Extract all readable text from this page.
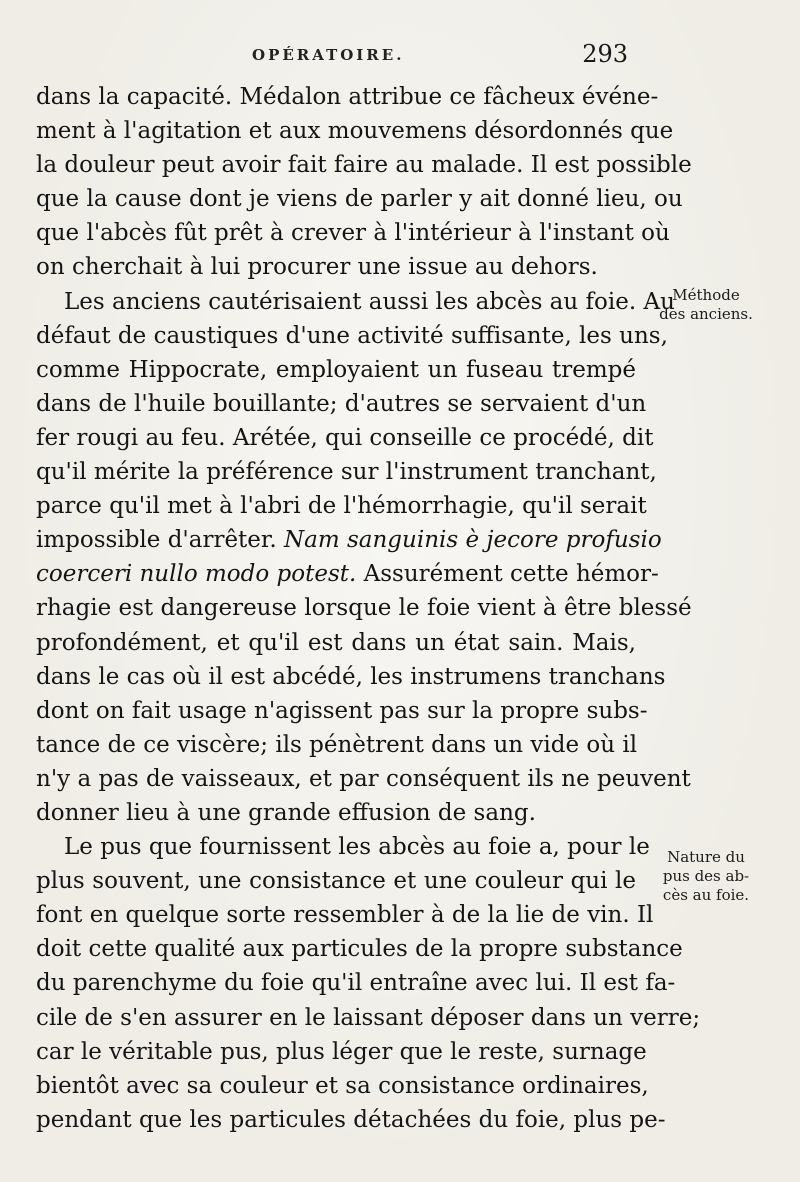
OPÉRATOIRE.	293
dans la capacité. Médalon attribue ce fâcheux événe-
ment à l'agitation et aux mouvemens désordonnés que
la douleur peut avoir fait faire au malade. Il est possible
que la cause dont je viens de parler y ait donné lieu, ou
que l'abcès fût prêt à crever à l'intérieur à l'instant où
on cherchait à lui procurer une issue au dehors.
Les anciens cautérisaient aussi les abcès au foie. Au
défaut de caustiques d'une activité suffisante, les uns,
comme Hippocrate, employaient un fuseau trempé
dans de l'huile bouillante; d'autres se servaient d'un
fer rougi au feu. Arétée, qui conseille ce procédé, dit
qu'il mérite la préférence sur l'instrument tranchant,
parce qu'il met à l'abri de l'hémorrhagie, qu'il serait
impossible d'arrêter. Nam sanguinis è jecore profusio
coerceri nullo modo potest. Assurément cette hémor-
rhagie est dangereuse lorsque le foie vient à être blessé
profondément, et qu'il est dans un état sain. Mais,
dans le cas où il est abcédé, les instrumens tranchans
dont on fait usage n'agissent pas sur la propre subs-
tance de ce viscère; ils pénètrent dans un vide où il
n'y a pas de vaisseaux, et par conséquent ils ne peuvent
donner lieu à une grande effusion de sang.
Le pus que fournissent les abcès au foie a, pour le
plus souvent, une consistance et une couleur qui le
font en quelque sorte ressembler à de la lie de vin. Il
doit cette qualité aux particules de la propre substance
du parenchyme du foie qu'il entraîne avec lui. Il est fa-
cile de s'en assurer en le laissant déposer dans un verre;
car le véritable pus, plus léger que le reste, surnage
bientôt avec sa couleur et sa consistance ordinaires,
pendant que les particules détachées du foie, plus pe-
Méthode
des anciens.
Nature du
pus des ab-
cès au foie.
